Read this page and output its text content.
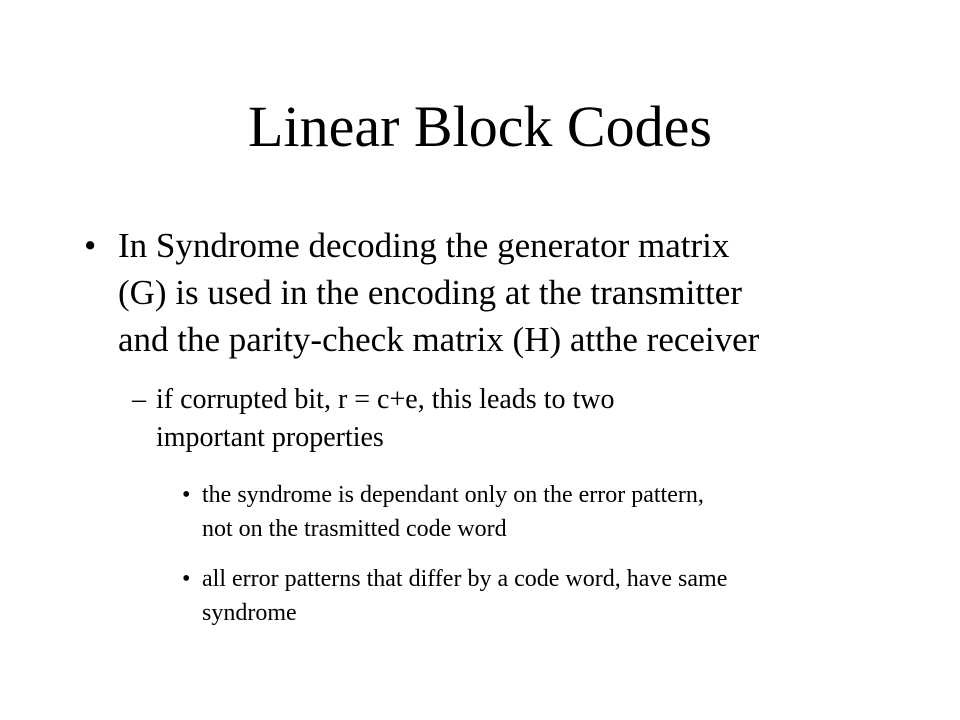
Linear Block Codes
• In Syndrome decoding the generator matrix
(G) is used in the encoding at the transmitter
and the parity-check matrix (H) atthe receiver
– if corrupted bit, r = c+e, this leads to two
important properties
• the syndrome is dependant only on the error pattern,
not on the trasmitted code word
• all error patterns that differ by a code word, have same
syndrome
